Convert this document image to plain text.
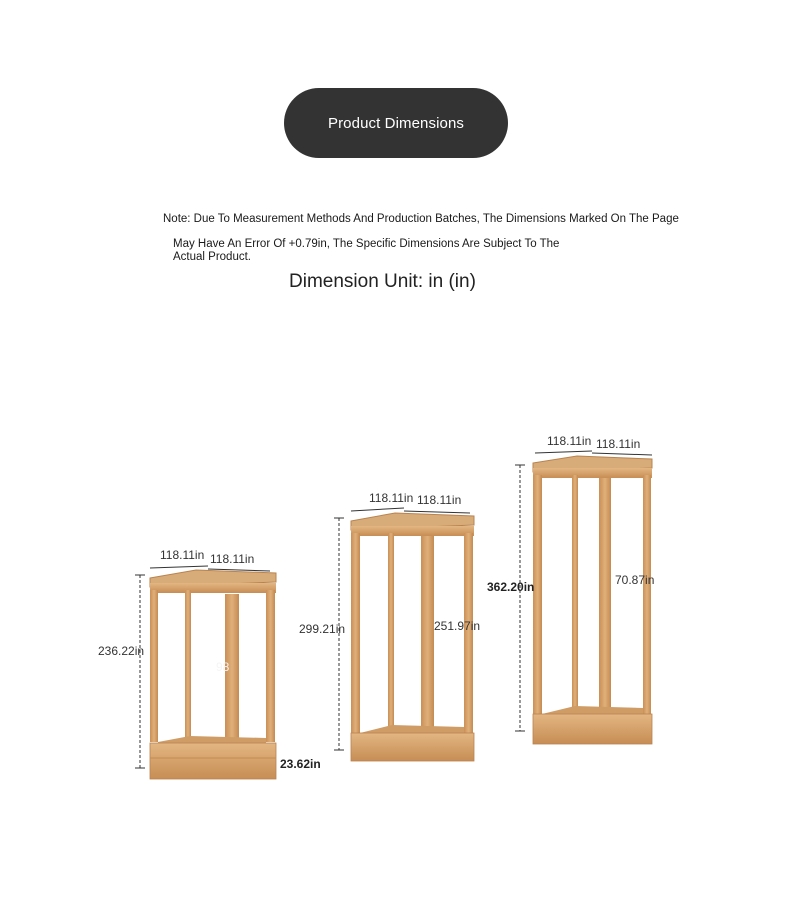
Product Dimensions
Note: Due To Measurement Methods And Production Batches, The Dimensions Marked On The Page
May Have An Error Of +0.79in, The Specific Dimensions Are Subject To The
Actual Product.
Dimension Unit: in (in)
118.11in 118.11in
236.22in
98
23.62in
118.11in 118.11in
299.21in	251.97in
118.11in 118.11in
362.20in	70.87in
